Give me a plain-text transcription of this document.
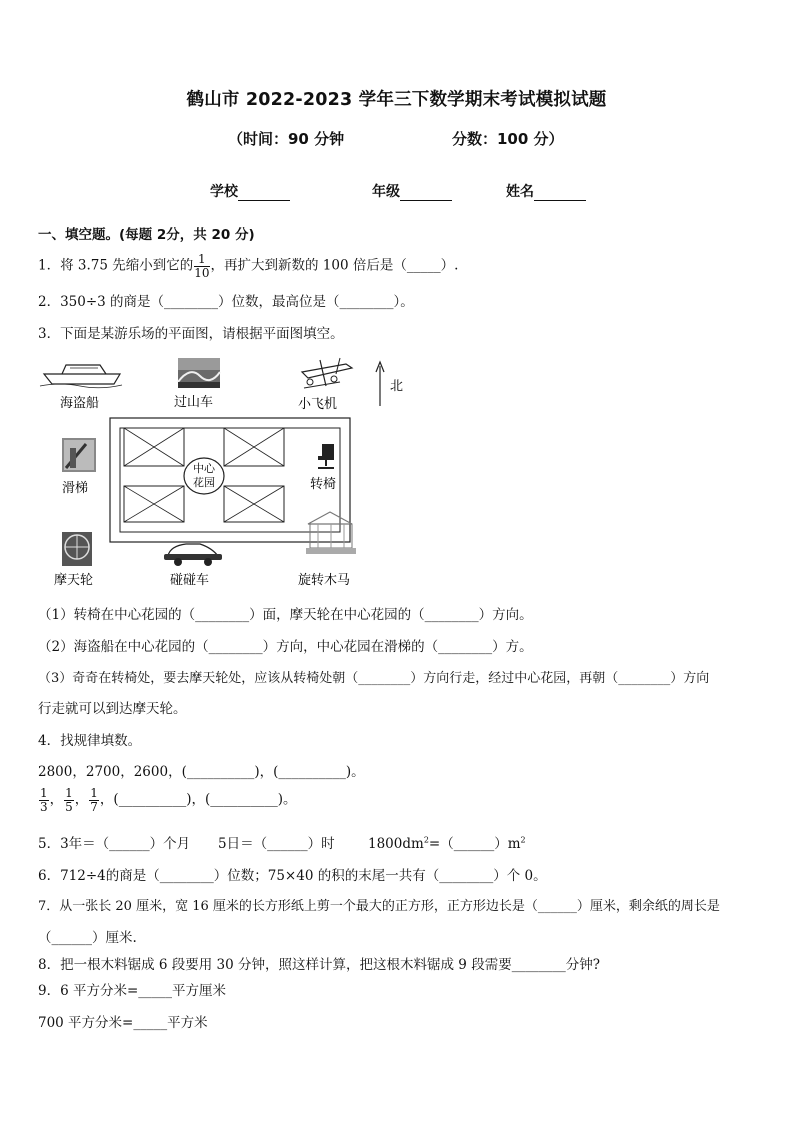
鹤山市 2022-2023 学年三下数学期末考试模拟试题
（时间：90 分钟	分数：100 分）
学校	年级	姓名
一、填空题。(每题 2分，共 20 分)
1．将 3.75 先缩小到它的 $\frac{1}{10}$ ，再扩大到新数的 100 倍后是（_____）.
2．350÷3 的商是（________）位数，最高位是（________）。
3．下面是某游乐场的平面图，请根据平面图填空。
海盗船	过山车	小飞机
北
滑梯
中心
花园	转椅
摩天轮	碰碰车	旋转木马
（1）转椅在中心花园的（________）面，摩天轮在中心花园的（________）方向。
（2）海盗船在中心花园的（________）方向，中心花园在滑梯的（________）方。
（3）奇奇在转椅处，要去摩天轮处，应该从转椅处朝（________）方向行走，经过中心花园，再朝（________）方向
行走就可以到达摩天轮。
4．找规律填数。
2800，2700，2600，(__________)，(__________)。
$\frac{1}{3}$ ， $\frac{1}{5}$ ， $\frac{1}{7}$ ，(__________)，(__________)。
5．3年＝（______）个月 5日＝（______）时 $1800dm^2=(\_\_\_\_\_\_)m^2$
6．712÷4的商是（________）位数；75×40 的积的末尾一共有（________）个 0。
7．从一张长 20 厘米，宽 16 厘米的长方形纸上剪一个最大的正方形，正方形边长是（______）厘米，剩余纸的周长是
（______）厘米.
8．把一根木料锯成 6 段要用 30 分钟，照这样计算，把这根木料锯成 9 段需要________分钟?
9．6 平方分米=_____平方厘米
700 平方分米=_____平方米
